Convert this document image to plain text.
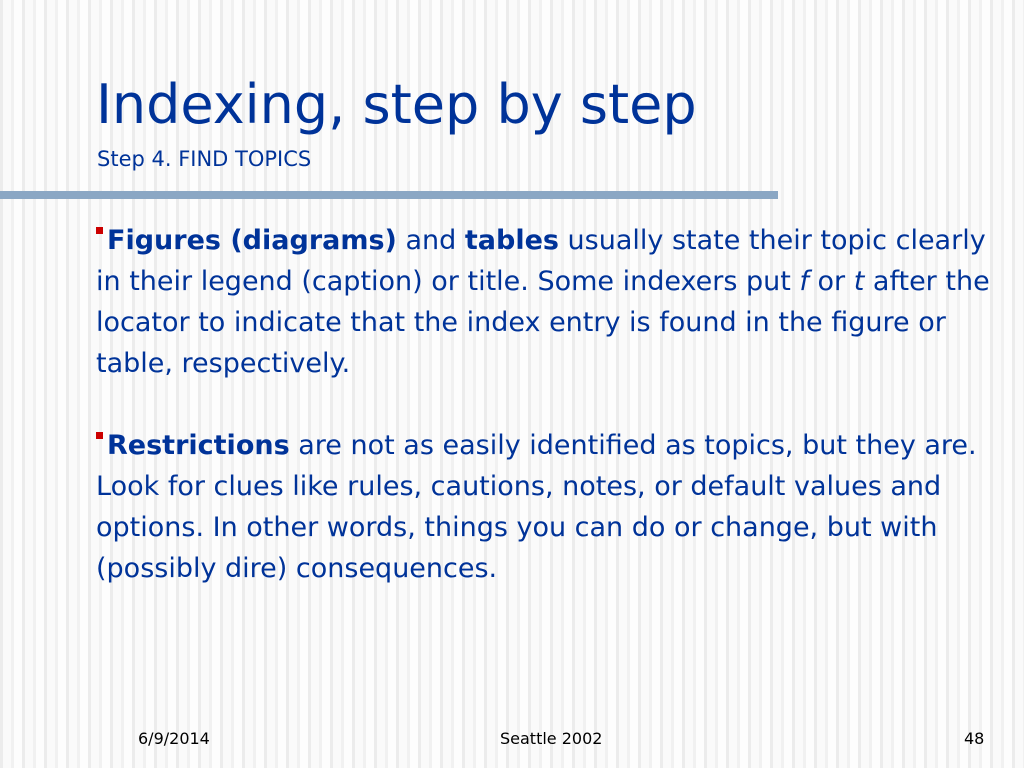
Indexing, step by step
Step 4. FIND TOPICS

Figures (diagrams) and tables usually state their topic clearly in their legend (caption) or title. Some indexers put f or t after the locator to indicate that the index entry is found in the figure or table, respectively.

Restrictions are not as easily identified as topics, but they are. Look for clues like rules, cautions, notes, or default values and options. In other words, things you can do or change, but with (possibly dire) consequences.

6/9/2014	Seattle 2002	48
